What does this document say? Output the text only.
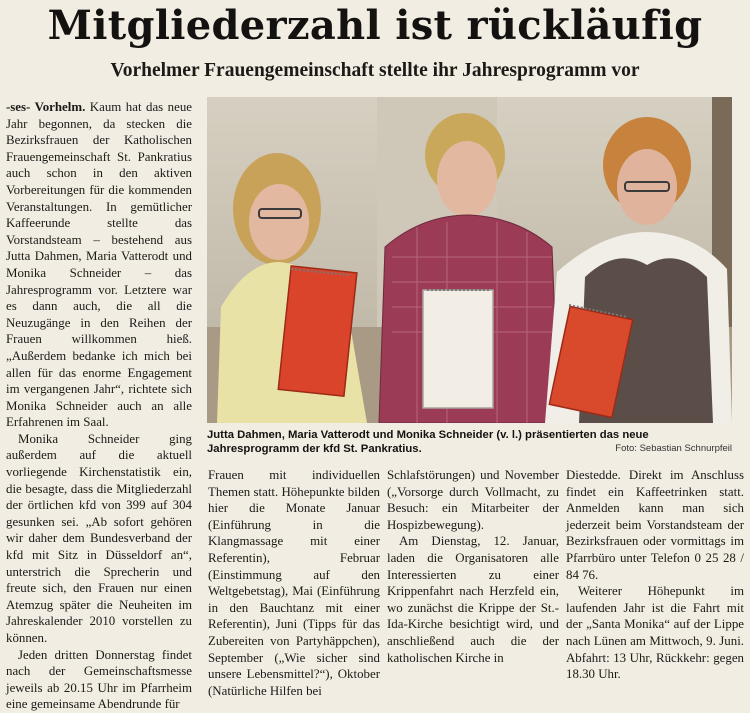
Mitgliederzahl ist rückläufig
Vorhelmer Frauengemeinschaft stellte ihr Jahresprogramm vor

-ses- Vorhelm. Kaum hat das neue Jahr begonnen, da stecken die Bezirksfrauen der Katholischen Frauengemeinschaft St. Pankratius auch schon in den aktiven Vorbereitungen für die kommenden Veranstaltungen. In gemütlicher Kaffeerunde stellte das Vorstandsteam – bestehend aus Jutta Dahmen, Maria Vatterodt und Monika Schneider – das Jahresprogramm vor. Letztere war es dann auch, die all die Neuzugänge in den Reihen der Frauen willkommen hieß. „Außerdem bedanke ich mich bei allen für das enorme Engagement im vergangenen Jahr“, richtete sich Monika Schneider auch an alle Erfahrenen im Saal.

Monika Schneider ging außerdem auf die aktuell vorliegende Kirchenstatistik ein, die besagte, dass die Mitgliederzahl der örtlichen kfd von 399 auf 304 gesunken sei. „Ab sofort gehören wir daher dem Bundesverband der kfd mit Sitz in Düsseldorf an“, unterstrich die Sprecherin und freute sich, den Frauen nur einen Atemzug später die Neuheiten im Jahreskalender 2010 vorstellen zu können.

Jeden dritten Donnerstag findet nach der Gemeinschaftsmesse jeweils ab 20.15 Uhr im Pfarrheim eine gemeinsame Abendrunde für

Jutta Dahmen, Maria Vatterodt und Monika Schneider (v. l.) präsentierten das neue Jahresprogramm der kfd St. Pankratius.	Foto: Sebastian Schnurpfeil

Frauen mit individuellen Themen statt. Höhepunkte bilden hier die Monate Januar (Einführung in die Klangmassage mit einer Referentin), Februar (Einstimmung auf den Weltgebetstag), Mai (Einführung in den Bauchtanz mit einer Referentin), Juni (Tipps für das Zubereiten von Partyhäppchen), September („Wie sicher sind unsere Lebensmittel?“), Oktober (Natürliche Hilfen bei

Schlafstörungen) und November („Vorsorge durch Vollmacht, zu Besuch: ein Mitarbeiter der Hospizbewegung).

Am Dienstag, 12. Januar, laden die Organisatoren alle Interessierten zu einer Krippenfahrt nach Herzfeld ein, wo zunächst die Krippe der St.-Ida-Kirche besichtigt wird, und anschließend auch die der katholischen Kirche in

Diestedde. Direkt im Anschluss findet ein Kaffeetrinken statt. Anmelden kann man sich jederzeit beim Vorstandsteam der Bezirksfrauen oder vormittags im Pfarrbüro unter Telefon 0 25 28 / 84 76.

Weiterer Höhepunkt im laufenden Jahr ist die Fahrt mit der „Santa Monika“ auf der Lippe nach Lünen am Mittwoch, 9. Juni. Abfahrt: 13 Uhr, Rückkehr: gegen 18.30 Uhr.
